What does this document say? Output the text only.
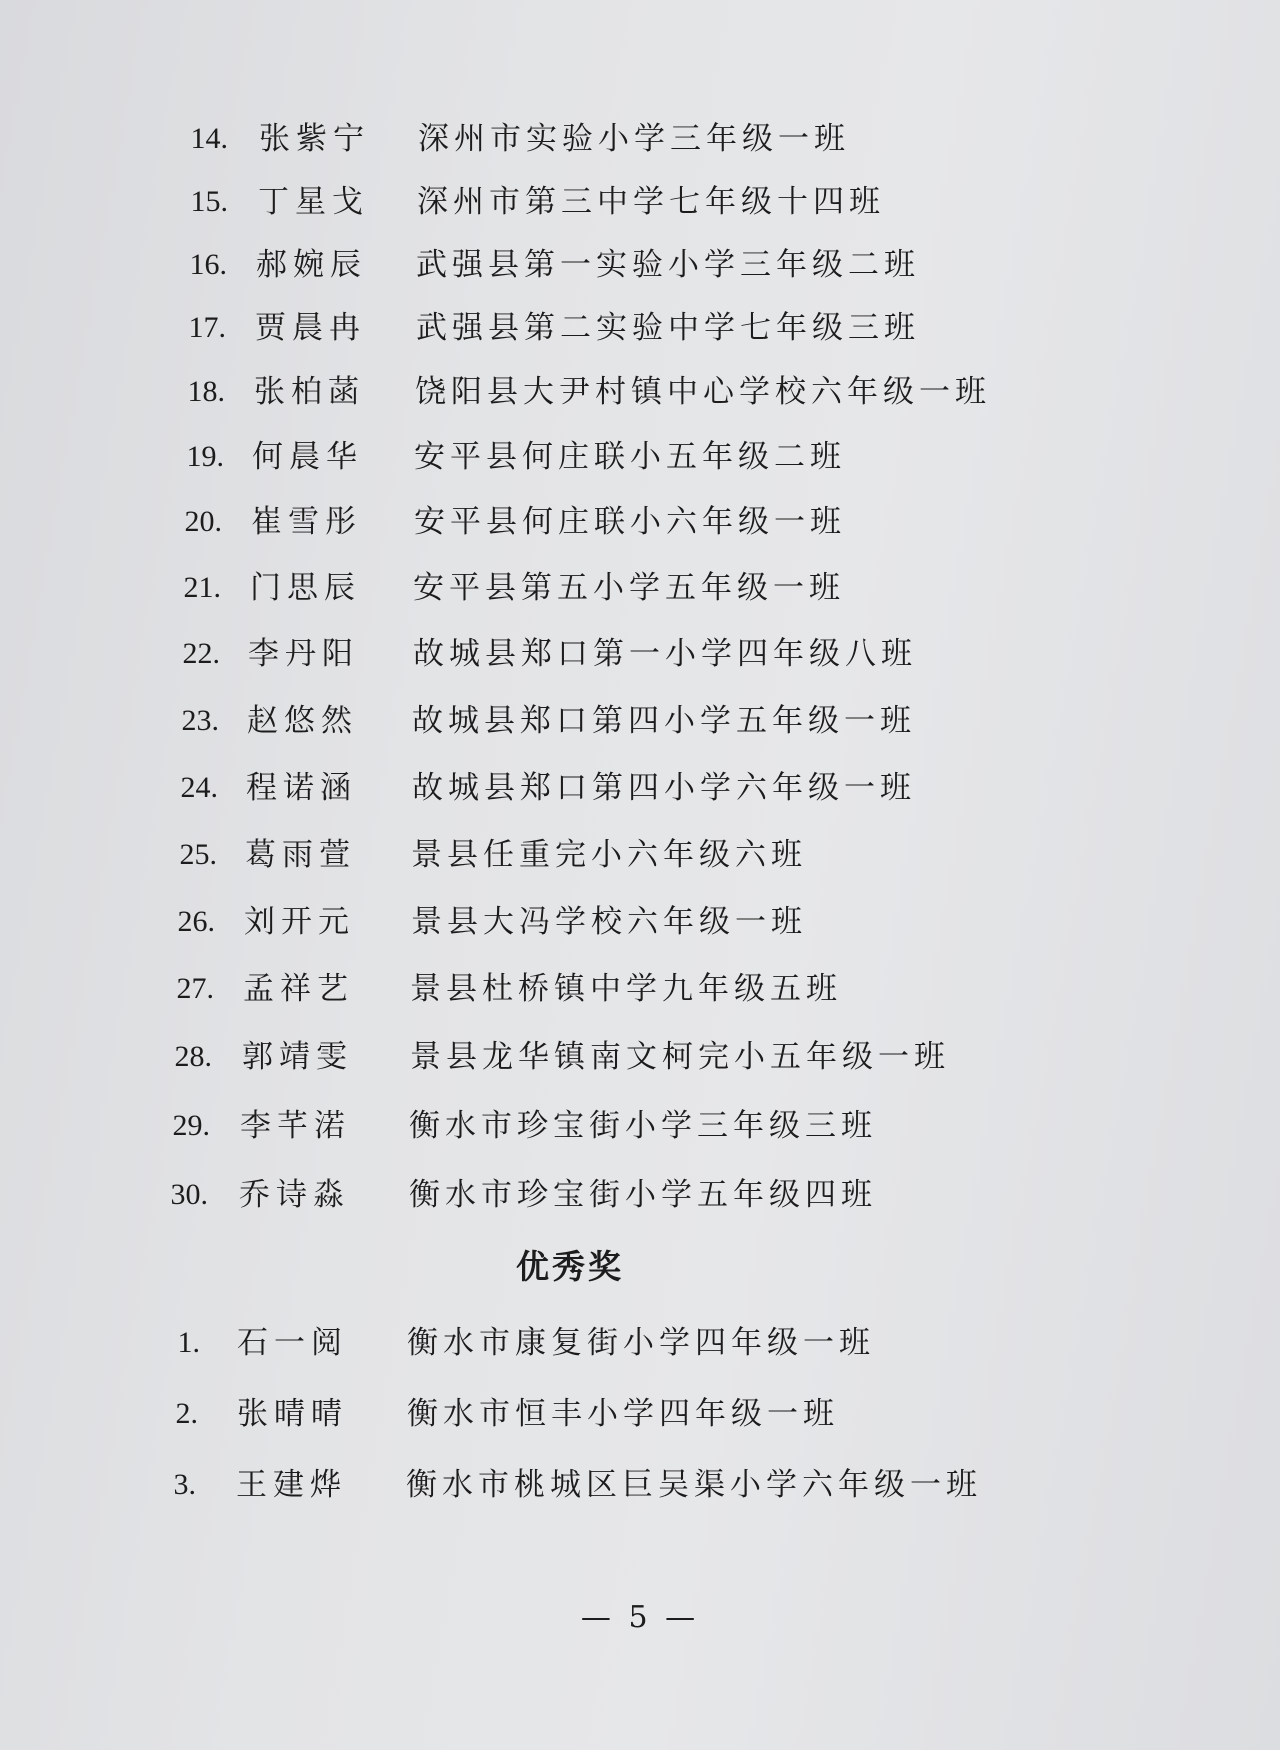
14. 张紫宁 深州市实验小学三年级一班
15. 丁星戈 深州市第三中学七年级十四班
16. 郝婉辰 武强县第一实验小学三年级二班
17. 贾晨冉 武强县第二实验中学七年级三班
18. 张柏菡 饶阳县大尹村镇中心学校六年级一班
19. 何晨华 安平县何庄联小五年级二班
20. 崔雪彤 安平县何庄联小六年级一班
21. 门思辰 安平县第五小学五年级一班
22. 李丹阳 故城县郑口第一小学四年级八班
23. 赵悠然 故城县郑口第四小学五年级一班
24. 程诺涵 故城县郑口第四小学六年级一班
25. 葛雨萱 景县任重完小六年级六班
26. 刘开元 景县大冯学校六年级一班
27. 孟祥艺 景县杜桥镇中学九年级五班
28. 郭靖雯 景县龙华镇南文柯完小五年级一班
29. 李芊渃 衡水市珍宝街小学三年级三班
30. 乔诗淼 衡水市珍宝街小学五年级四班
优秀奖
1. 石一阅 衡水市康复街小学四年级一班
2. 张晴晴 衡水市恒丰小学四年级一班
3. 王建烨 衡水市桃城区巨吴渠小学六年级一班
— 5 —
